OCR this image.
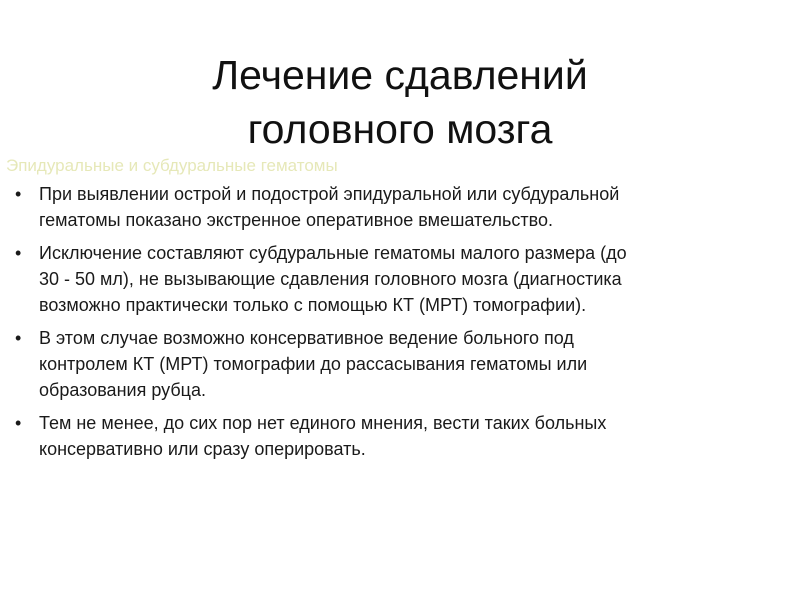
Лечение сдавлений
головного мозга
Эпидуральные и субдуральные гематомы
• При выявлении острой и подострой эпидуральной или субдуральной
гематомы показано экстренное оперативное вмешательство.
• Исключение составляют субдуральные гематомы малого размера (до
30 - 50 мл), не вызывающие сдавления головного мозга (диагностика
возможно практически только с помощью КТ (МРТ) томографии).
• В этом случае возможно консервативное ведение больного под
контролем КТ (МРТ) томографии до рассасывания гематомы или
образования рубца.
• Тем не менее, до сих пор нет единого мнения, вести таких больных
консервативно или сразу оперировать.
